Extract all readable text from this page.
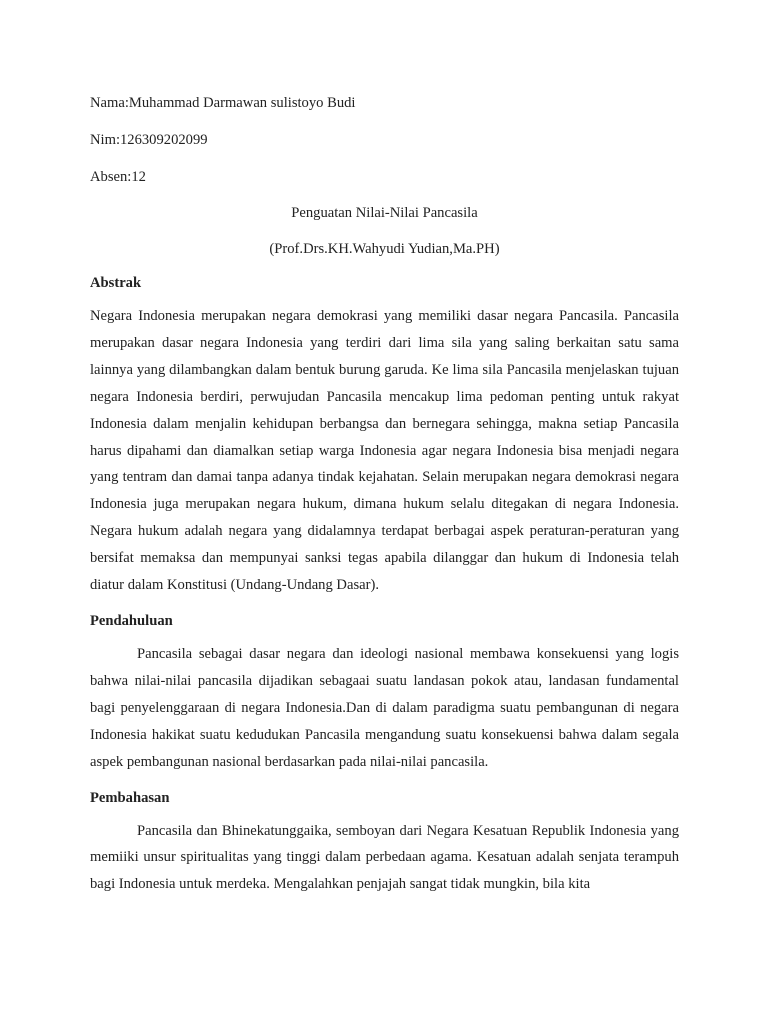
Nama:Muhammad Darmawan sulistoyo Budi
Nim:126309202099
Absen:12
Penguatan Nilai-Nilai Pancasila
(Prof.Drs.KH.Wahyudi Yudian,Ma.PH)
Abstrak
Negara Indonesia merupakan negara demokrasi yang memiliki dasar negara Pancasila. Pancasila merupakan dasar negara Indonesia yang terdiri dari lima sila yang saling berkaitan satu sama lainnya yang dilambangkan dalam bentuk burung garuda. Ke lima sila Pancasila menjelaskan tujuan negara Indonesia berdiri, perwujudan Pancasila mencakup lima pedoman penting untuk rakyat Indonesia dalam menjalin kehidupan berbangsa dan bernegara sehingga, makna setiap Pancasila harus dipahami dan diamalkan setiap warga Indonesia agar negara Indonesia bisa menjadi negara yang tentram dan damai tanpa adanya tindak kejahatan. Selain merupakan negara demokrasi negara Indonesia juga merupakan negara hukum, dimana hukum selalu ditegakan di negara Indonesia. Negara hukum adalah negara yang didalamnya terdapat berbagai aspek peraturan-peraturan yang bersifat memaksa dan mempunyai sanksi tegas apabila dilanggar dan hukum di Indonesia telah diatur dalam Konstitusi (Undang-Undang Dasar).
Pendahuluan
Pancasila sebagai dasar negara dan ideologi nasional membawa konsekuensi yang logis bahwa nilai-nilai pancasila dijadikan sebagaai suatu landasan pokok atau, landasan fundamental bagi penyelenggaraan di negara Indonesia.Dan di dalam paradigma suatu pembangunan di negara Indonesia hakikat suatu kedudukan Pancasila mengandung suatu konsekuensi bahwa dalam segala aspek pembangunan nasional berdasarkan pada nilai-nilai pancasila.
Pembahasan
Pancasila dan Bhinekatunggaika, semboyan dari Negara Kesatuan Republik Indonesia yang memiiki unsur spiritualitas yang tinggi dalam perbedaan agama. Kesatuan adalah senjata terampuh bagi Indonesia untuk merdeka. Mengalahkan penjajah sangat tidak mungkin, bila kita
